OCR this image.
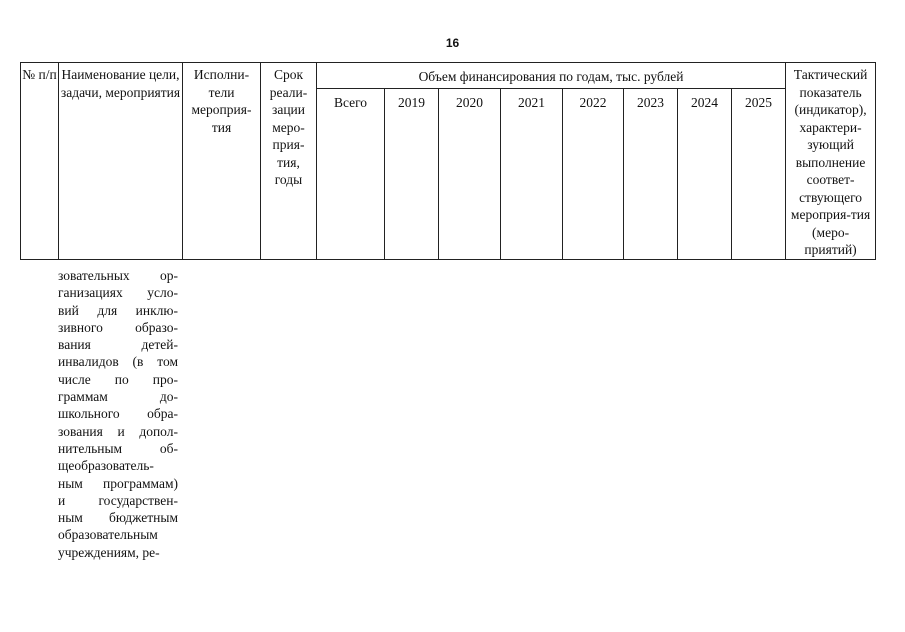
16
№ п/п	Наименование цели, задачи, мероприятия	Исполни-тели мероприя-тия	Срок реали-зации меро-прия-тия, годы	Объем финансирования по годам, тыс. рублей								Тактический показатель (индикатор), характери-зующий выполнение соответ-ствующего мероприя-тия (меро-приятий)
				Всего	2019	2020	2021	2022	2023	2024	2025	
зовательных ор-
ганизациях усло-
вий для инклю-
зивного образо-
вания детей-
инвалидов (в том
числе по про-
граммам до-
школьного обра-
зования и допол-
нительным об-
щеобразователь-
ным программам)
и государствен-
ным бюджетным
образовательным
учреждениям, ре-
